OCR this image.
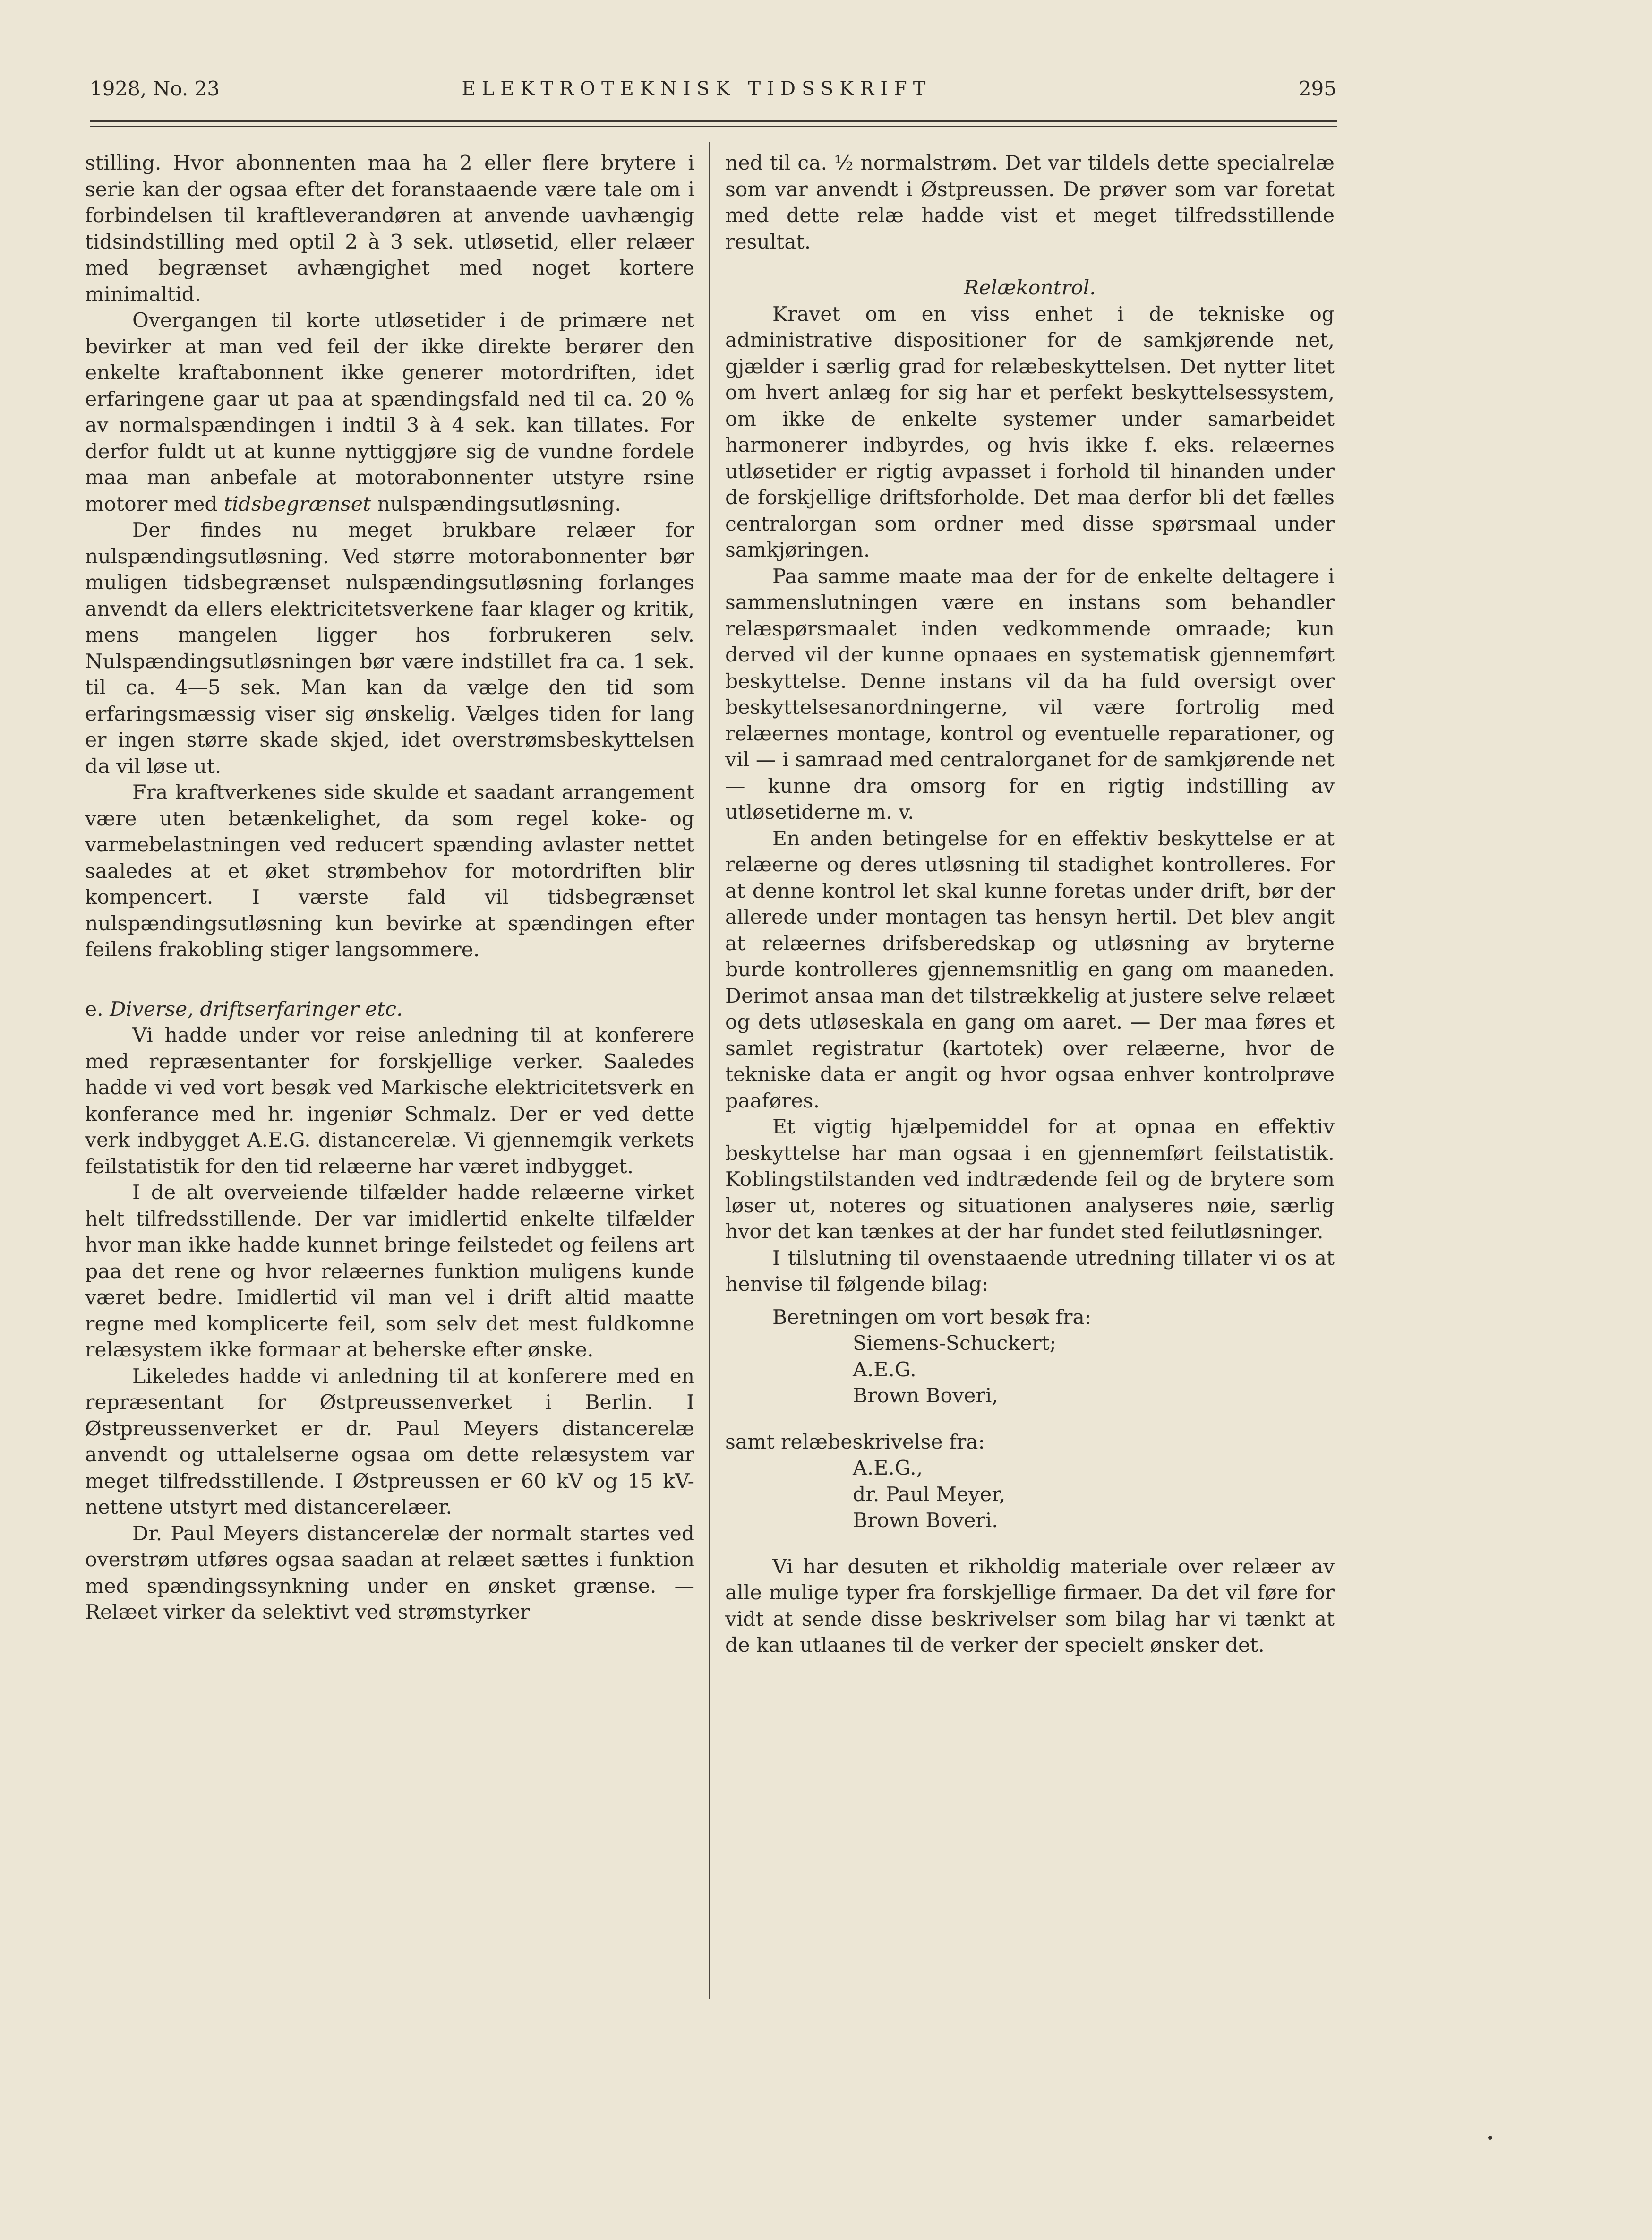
1928, No. 23	ELEKTROTEKNISK TIDSSKRIFT	295

stilling. Hvor abonnenten maa ha 2 eller flere brytere i serie kan der ogsaa efter det foranstaaende være tale om i forbindelsen til kraftleverandøren at anvende uavhængig tidsindstilling med optil 2 à 3 sek. utløsetid, eller relæer med begrænset avhængighet med noget kortere minimaltid.

Overgangen til korte utløsetider i de primære net bevirker at man ved feil der ikke direkte berører den enkelte kraftabonnent ikke generer motordriften, idet erfaringene gaar ut paa at spændingsfald ned til ca. 20 % av normalspændingen i indtil 3 à 4 sek. kan tillates. For derfor fuldt ut at kunne nyttiggjøre sig de vundne fordele maa man anbefale at motorabonnenter utstyre rsine motorer med tidsbegrænset nulspændingsutløsning.

Der findes nu meget brukbare relæer for nulspændingsutløsning. Ved større motorabonnenter bør muligen tidsbegrænset nulspændingsutløsning forlanges anvendt da ellers elektricitetsverkene faar klager og kritik, mens mangelen ligger hos forbrukeren selv. Nulspændingsutløsningen bør være indstillet fra ca. 1 sek. til ca. 4—5 sek. Man kan da vælge den tid som erfaringsmæssig viser sig ønskelig. Vælges tiden for lang er ingen større skade skjed, idet overstrømsbeskyttelsen da vil løse ut.

Fra kraftverkenes side skulde et saadant arrangement være uten betænkelighet, da som regel koke- og varmebelastningen ved reducert spænding avlaster nettet saaledes at et øket strømbehov for motordriften blir kompencert. I værste fald vil tidsbegrænset nulspændingsutløsning kun bevirke at spændingen efter feilens frakobling stiger langsommere.

e. Diverse, driftserfaringer etc.

Vi hadde under vor reise anledning til at konferere med repræsentanter for forskjellige verker. Saaledes hadde vi ved vort besøk ved Markische elektricitetsverk en konferance med hr. ingeniør Schmalz. Der er ved dette verk indbygget A.E.G. distancerelæ. Vi gjennemgik verkets feilstatistik for den tid relæerne har været indbygget.

I de alt overveiende tilfælder hadde relæerne virket helt tilfredsstillende. Der var imidlertid enkelte tilfælder hvor man ikke hadde kunnet bringe feilstedet og feilens art paa det rene og hvor relæernes funktion muligens kunde været bedre. Imidlertid vil man vel i drift altid maatte regne med komplicerte feil, som selv det mest fuldkomne relæsystem ikke formaar at beherske efter ønske.

Likeledes hadde vi anledning til at konferere med en repræsentant for Østpreussenverket i Berlin. I Østpreussenverket er dr. Paul Meyers distancerelæ anvendt og uttalelserne ogsaa om dette relæsystem var meget tilfredsstillende. I Østpreussen er 60 kV og 15 kV-nettene utstyrt med distancerelæer.

Dr. Paul Meyers distancerelæ der normalt startes ved overstrøm utføres ogsaa saadan at relæet sættes i funktion med spændingssynkning under en ønsket grænse. — Relæet virker da selektivt ved strømstyrker

ned til ca. ½ normalstrøm. Det var tildels dette specialrelæ som var anvendt i Østpreussen. De prøver som var foretat med dette relæ hadde vist et meget tilfredsstillende resultat.

Relækontrol.

Kravet om en viss enhet i de tekniske og administrative dispositioner for de samkjørende net, gjælder i særlig grad for relæbeskyttelsen. Det nytter litet om hvert anlæg for sig har et perfekt beskyttelsessystem, om ikke de enkelte systemer under samarbeidet harmonerer indbyrdes, og hvis ikke f. eks. relæernes utløsetider er rigtig avpasset i forhold til hinanden under de forskjellige driftsforholde. Det maa derfor bli det fælles centralorgan som ordner med disse spørsmaal under samkjøringen.

Paa samme maate maa der for de enkelte deltagere i sammenslutningen være en instans som behandler relæspørsmaalet inden vedkommende omraade; kun derved vil der kunne opnaaes en systematisk gjennemført beskyttelse. Denne instans vil da ha fuld oversigt over beskyttelsesanordningerne, vil være fortrolig med relæernes montage, kontrol og eventuelle reparationer, og vil — i samraad med centralorganet for de samkjørende net — kunne dra omsorg for en rigtig indstilling av utløsetiderne m. v.

En anden betingelse for en effektiv beskyttelse er at relæerne og deres utløsning til stadighet kontrolleres. For at denne kontrol let skal kunne foretas under drift, bør der allerede under montagen tas hensyn hertil. Det blev angit at relæernes drifsberedskap og utløsning av bryterne burde kontrolleres gjennemsnitlig en gang om maaneden. Derimot ansaa man det tilstrækkelig at justere selve relæet og dets utløseskala en gang om aaret. — Der maa føres et samlet registratur (kartotek) over relæerne, hvor de tekniske data er angit og hvor ogsaa enhver kontrolprøve paaføres.

Et vigtig hjælpemiddel for at opnaa en effektiv beskyttelse har man ogsaa i en gjennemført feilstatistik. Koblingstilstanden ved indtrædende feil og de brytere som løser ut, noteres og situationen analyseres nøie, særlig hvor det kan tænkes at der har fundet sted feilutløsninger.

I tilslutning til ovenstaaende utredning tillater vi os at henvise til følgende bilag:

Beretningen om vort besøk fra:

Siemens-Schuckert;

A.E.G.

Brown Boveri,

samt relæbeskrivelse fra:

A.E.G.,

dr. Paul Meyer,

Brown Boveri.

Vi har desuten et rikholdig materiale over relæer av alle mulige typer fra forskjellige firmaer. Da det vil føre for vidt at sende disse beskrivelser som bilag har vi tænkt at de kan utlaanes til de verker der specielt ønsker det.
